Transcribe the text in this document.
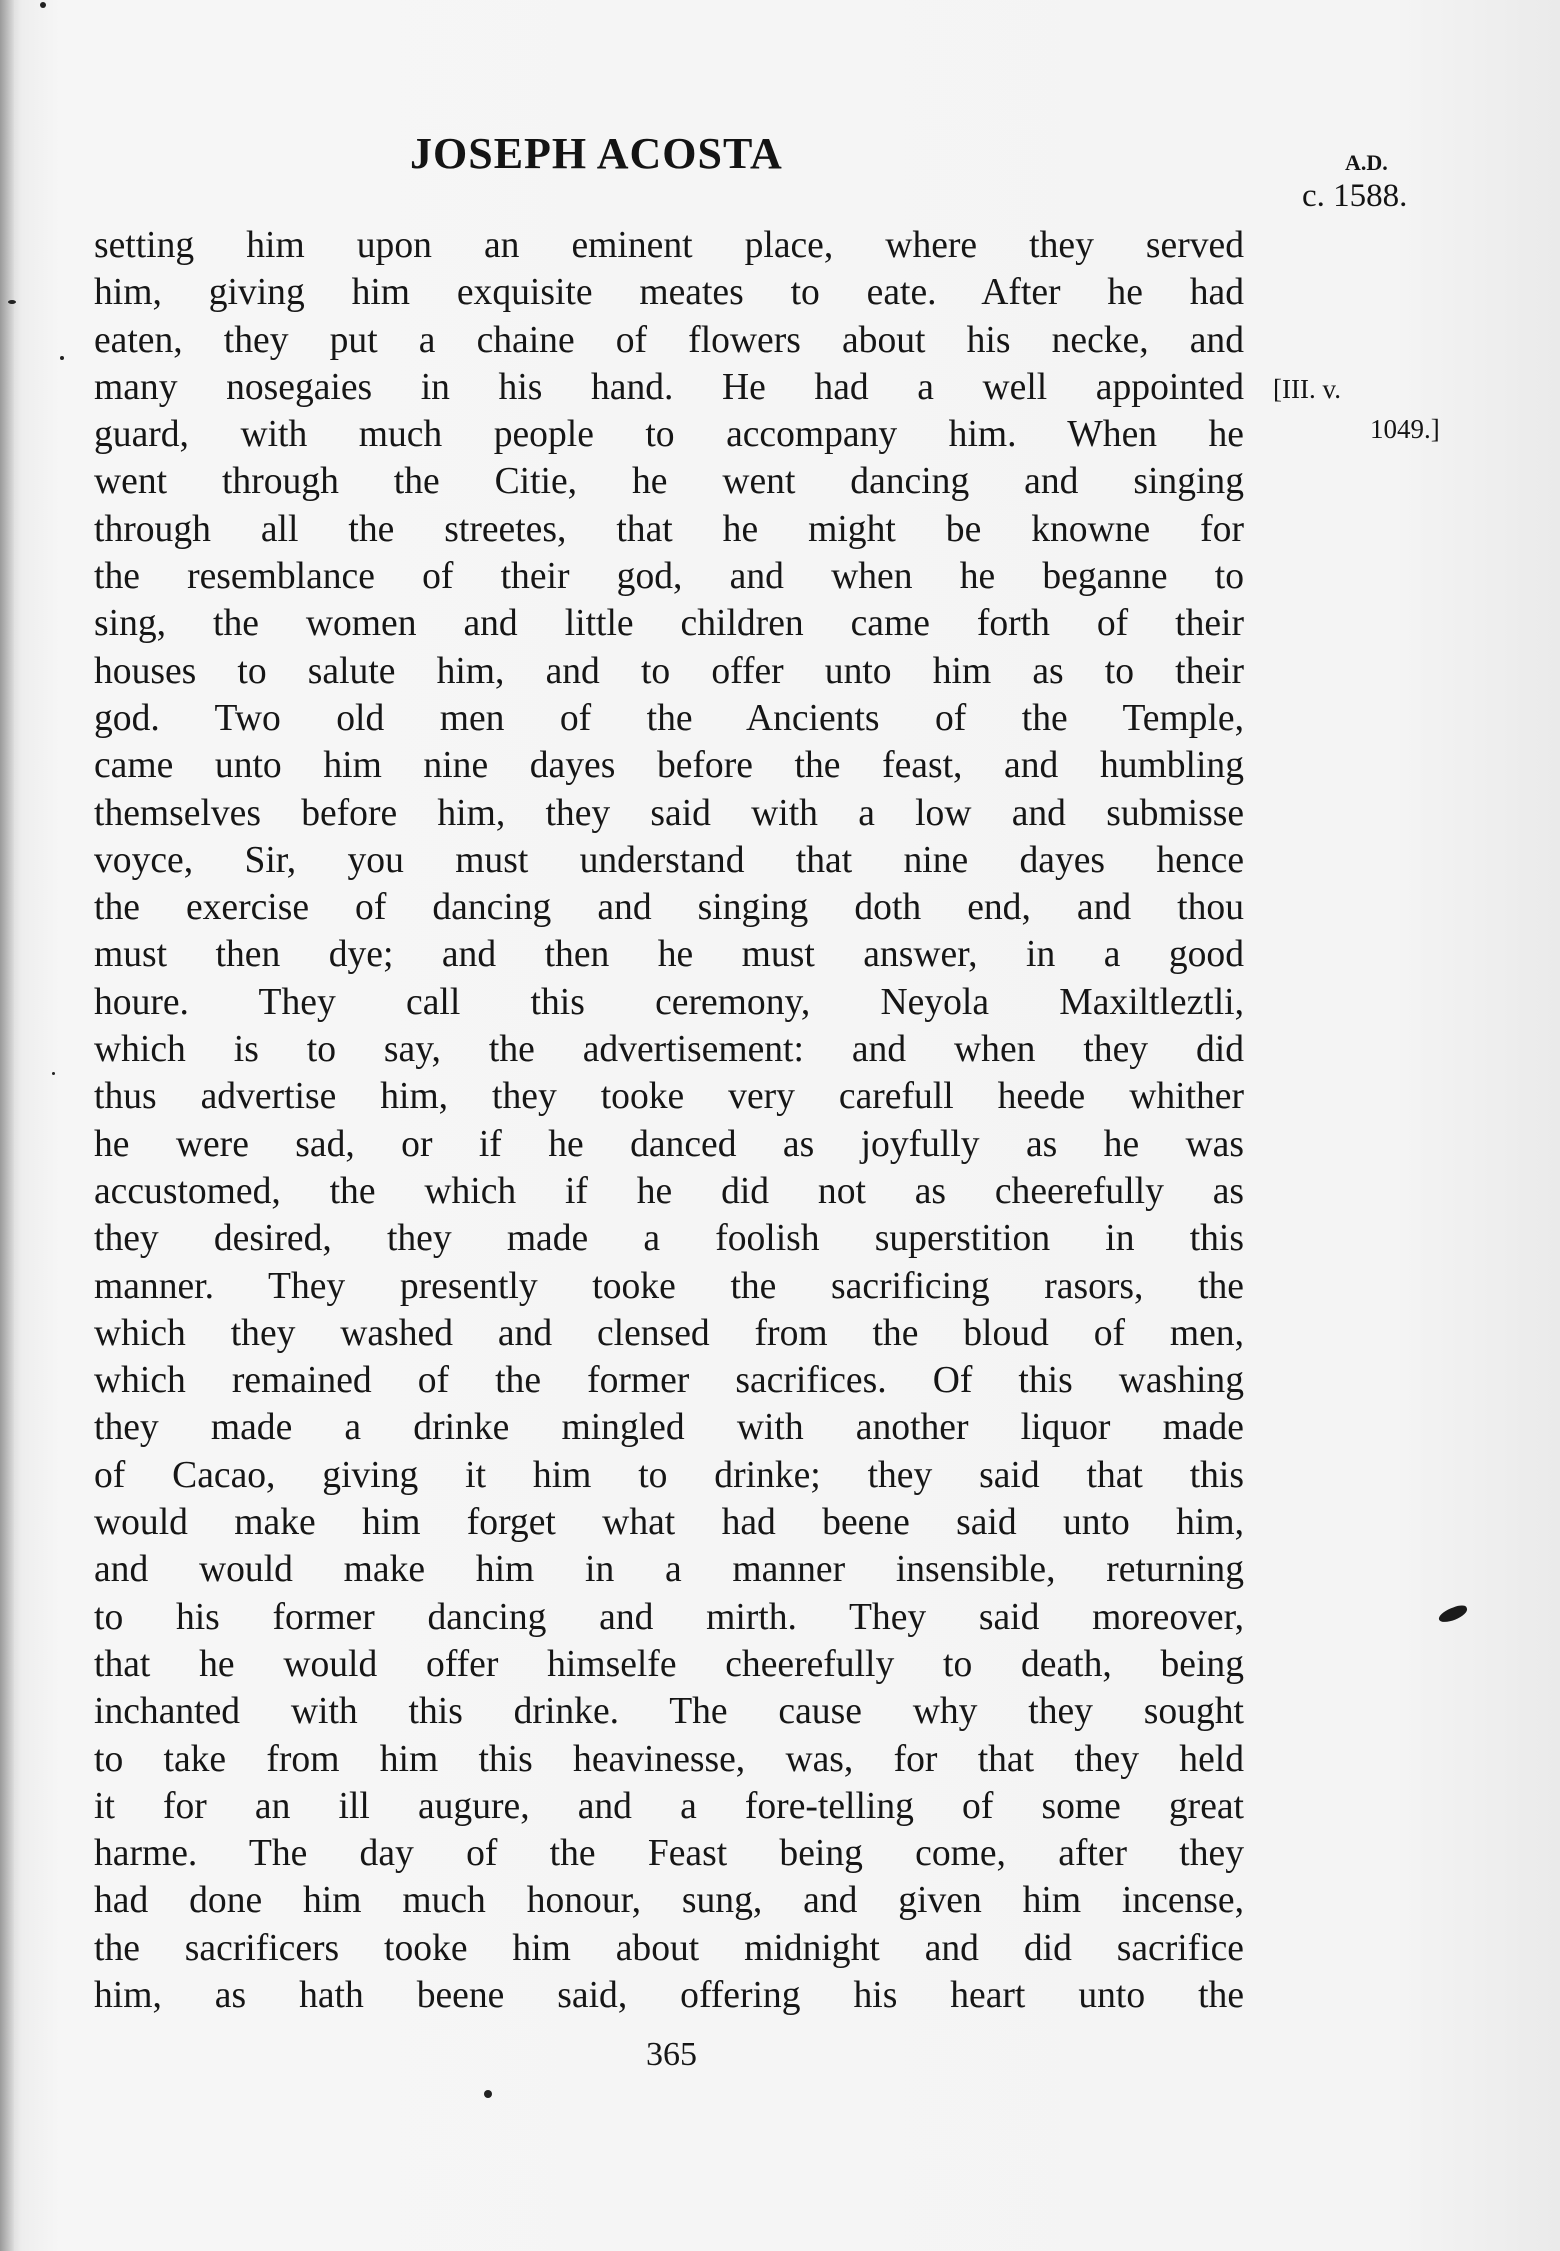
JOSEPH ACOSTA	A.D.
c. 1588.
[III. v.
1049.]
setting him upon an eminent place, where they served
him, giving him exquisite meates to eate. After he had
eaten, they put a chaine of flowers about his necke, and
many nosegaies in his hand. He had a well appointed
guard, with much people to accompany him. When he
went through the Citie, he went dancing and singing
through all the streetes, that he might be knowne for
the resemblance of their god, and when he beganne to
sing, the women and little children came forth of their
houses to salute him, and to offer unto him as to their
god. Two old men of the Ancients of the Temple,
came unto him nine dayes before the feast, and humbling
themselves before him, they said with a low and submisse
voyce, Sir, you must understand that nine dayes hence
the exercise of dancing and singing doth end, and thou
must then dye; and then he must answer, in a good
houre. They call this ceremony, Neyola Maxiltleztli,
which is to say, the advertisement: and when they did
thus advertise him, they tooke very carefull heede whither
he were sad, or if he danced as joyfully as he was
accustomed, the which if he did not as cheerefully as
they desired, they made a foolish superstition in this
manner. They presently tooke the sacrificing rasors, the
which they washed and clensed from the bloud of men,
which remained of the former sacrifices. Of this washing
they made a drinke mingled with another liquor made
of Cacao, giving it him to drinke; they said that this
would make him forget what had beene said unto him,
and would make him in a manner insensible, returning
to his former dancing and mirth. They said moreover,
that he would offer himselfe cheerefully to death, being
inchanted with this drinke. The cause why they sought
to take from him this heavinesse, was, for that they held
it for an ill augure, and a fore-telling of some great
harme. The day of the Feast being come, after they
had done him much honour, sung, and given him incense,
the sacrificers tooke him about midnight and did sacrifice
him, as hath beene said, offering his heart unto the
365
